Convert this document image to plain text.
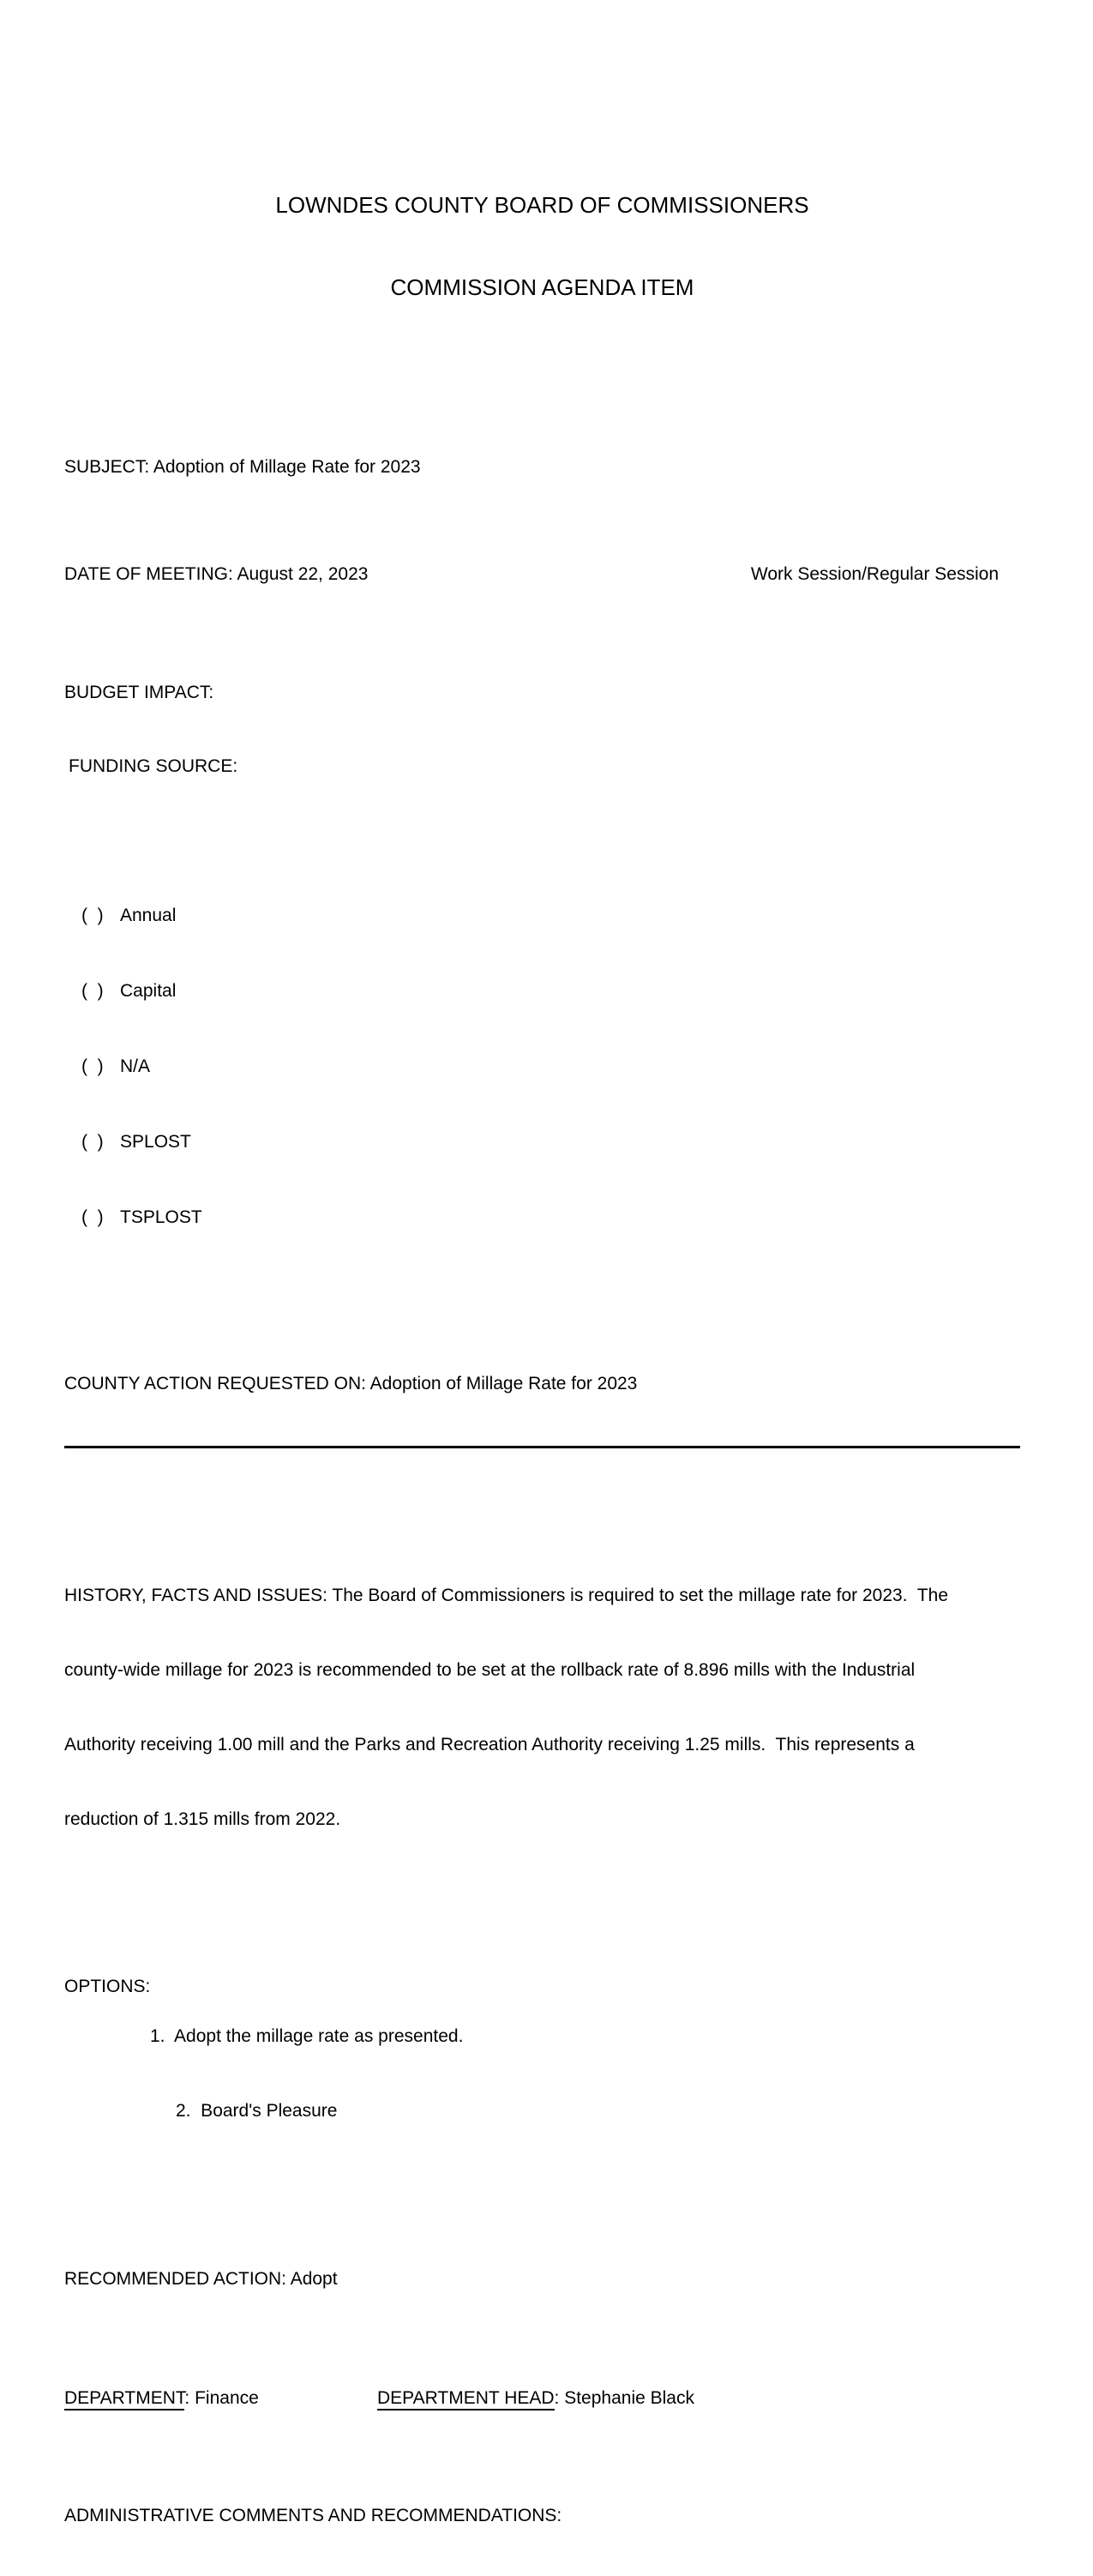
LOWNDES COUNTY BOARD OF COMMISSIONERS

COMMISSION AGENDA ITEM

SUBJECT: Adoption of Millage Rate for 2023

DATE OF MEETING: August 22, 2023	Work Session/Regular Session

BUDGET IMPACT:

FUNDING SOURCE:

(  ) Annual

(  ) Capital

(  ) N/A

(  ) SPLOST

(  ) TSPLOST

COUNTY ACTION REQUESTED ON: Adoption of Millage Rate for 2023

HISTORY, FACTS AND ISSUES: The Board of Commissioners is required to set the millage rate for 2023.  The

county-wide millage for 2023 is recommended to be set at the rollback rate of 8.896 mills with the Industrial

Authority receiving 1.00 mill and the Parks and Recreation Authority receiving 1.25 mills.  This represents a

reduction of 1.315 mills from 2022.

OPTIONS:

1.  Adopt the millage rate as presented.

2.  Board's Pleasure

RECOMMENDED ACTION: Adopt

DEPARTMENT: Finance	DEPARTMENT HEAD: Stephanie Black

ADMINISTRATIVE COMMENTS AND RECOMMENDATIONS:
